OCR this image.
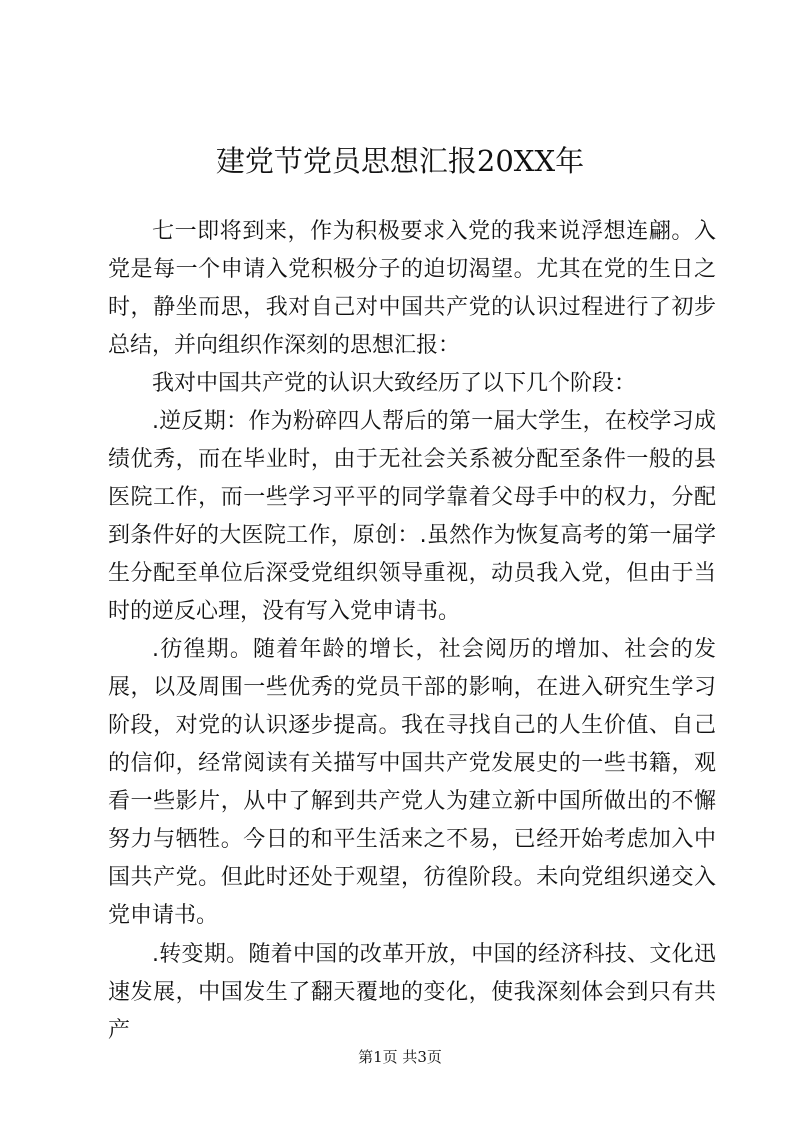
建党节党员思想汇报20XX年

七一即将到来，作为积极要求入党的我来说浮想连翩。入党是每一个申请入党积极分子的迫切渴望。尤其在党的生日之时，静坐而思，我对自己对中国共产党的认识过程进行了初步总结，并向组织作深刻的思想汇报：

我对中国共产党的认识大致经历了以下几个阶段：

.逆反期：作为粉碎四人帮后的第一届大学生，在校学习成绩优秀，而在毕业时，由于无社会关系被分配至条件一般的县医院工作，而一些学习平平的同学靠着父母手中的权力，分配到条件好的大医院工作，原创：.虽然作为恢复高考的第一届学生分配至单位后深受党组织领导重视，动员我入党，但由于当时的逆反心理，没有写入党申请书。

.彷徨期。随着年龄的增长，社会阅历的增加、社会的发展，以及周围一些优秀的党员干部的影响，在进入研究生学习阶段，对党的认识逐步提高。我在寻找自己的人生价值、自己的信仰，经常阅读有关描写中国共产党发展史的一些书籍，观看一些影片，从中了解到共产党人为建立新中国所做出的不懈努力与牺牲。今日的和平生活来之不易，已经开始考虑加入中国共产党。但此时还处于观望，彷徨阶段。未向党组织递交入党申请书。

.转变期。随着中国的改革开放，中国的经济科技、文化迅速发展，中国发生了翻天覆地的变化，使我深刻体会到只有共产

第1页 共3页
